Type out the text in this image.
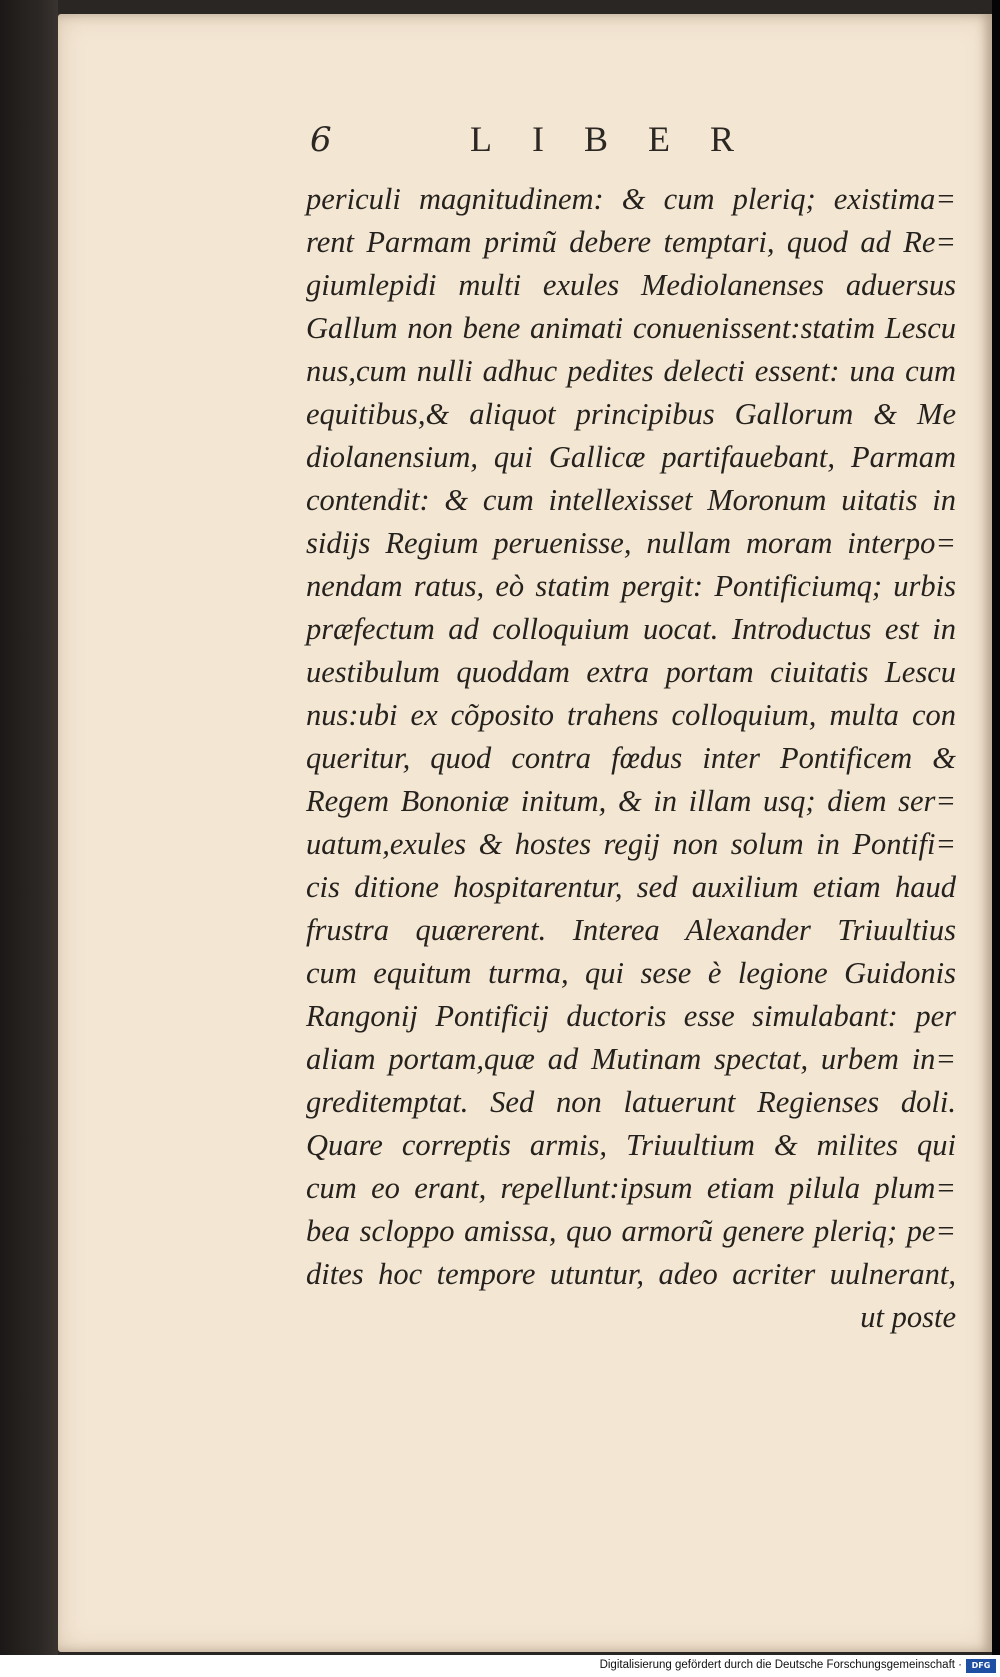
6	LIBER
periculi magnitudinem: & cum pleriq; existima=
rent Parmam primũ debere temptari, quod ad Re=
giumlepidi multi exules Mediolanenses aduersus
Gallum non bene animati conuenissent:statim Lescu
nus,cum nulli adhuc pedites delecti essent: una cum
equitibus,& aliquot principibus Gallorum & Me
diolanensium, qui Gallicæ partifauebant, Parmam
contendit: & cum intellexisset Moronum uitatis in
sidijs Regium peruenisse, nullam moram interpo=
nendam ratus, eò statim pergit: Pontificiumq; urbis
præfectum ad colloquium uocat. Introductus est in
uestibulum quoddam extra portam ciuitatis Lescu
nus:ubi ex cõposito trahens colloquium, multa con
queritur, quod contra fœdus inter Pontificem &
Regem Bononiæ initum, & in illam usq; diem ser=
uatum,exules & hostes regij non solum in Pontifi=
cis ditione hospitarentur, sed auxilium etiam haud
frustra quærerent. Interea Alexander Triuultius
cum equitum turma, qui sese è legione Guidonis
Rangonij Pontificij ductoris esse simulabant: per
aliam portam,quæ ad Mutinam spectat, urbem in=
greditemptat. Sed non latuerunt Regienses doli.
Quare correptis armis, Triuultium & milites qui
cum eo erant, repellunt:ipsum etiam pilula plum=
bea scloppo amissa, quo armorũ genere pleriq; pe=
dites hoc tempore utuntur, adeo acriter uulnerant,
ut poste
Digitalisierung gefördert durch die Deutsche Forschungsgemeinschaft ·	DFG
